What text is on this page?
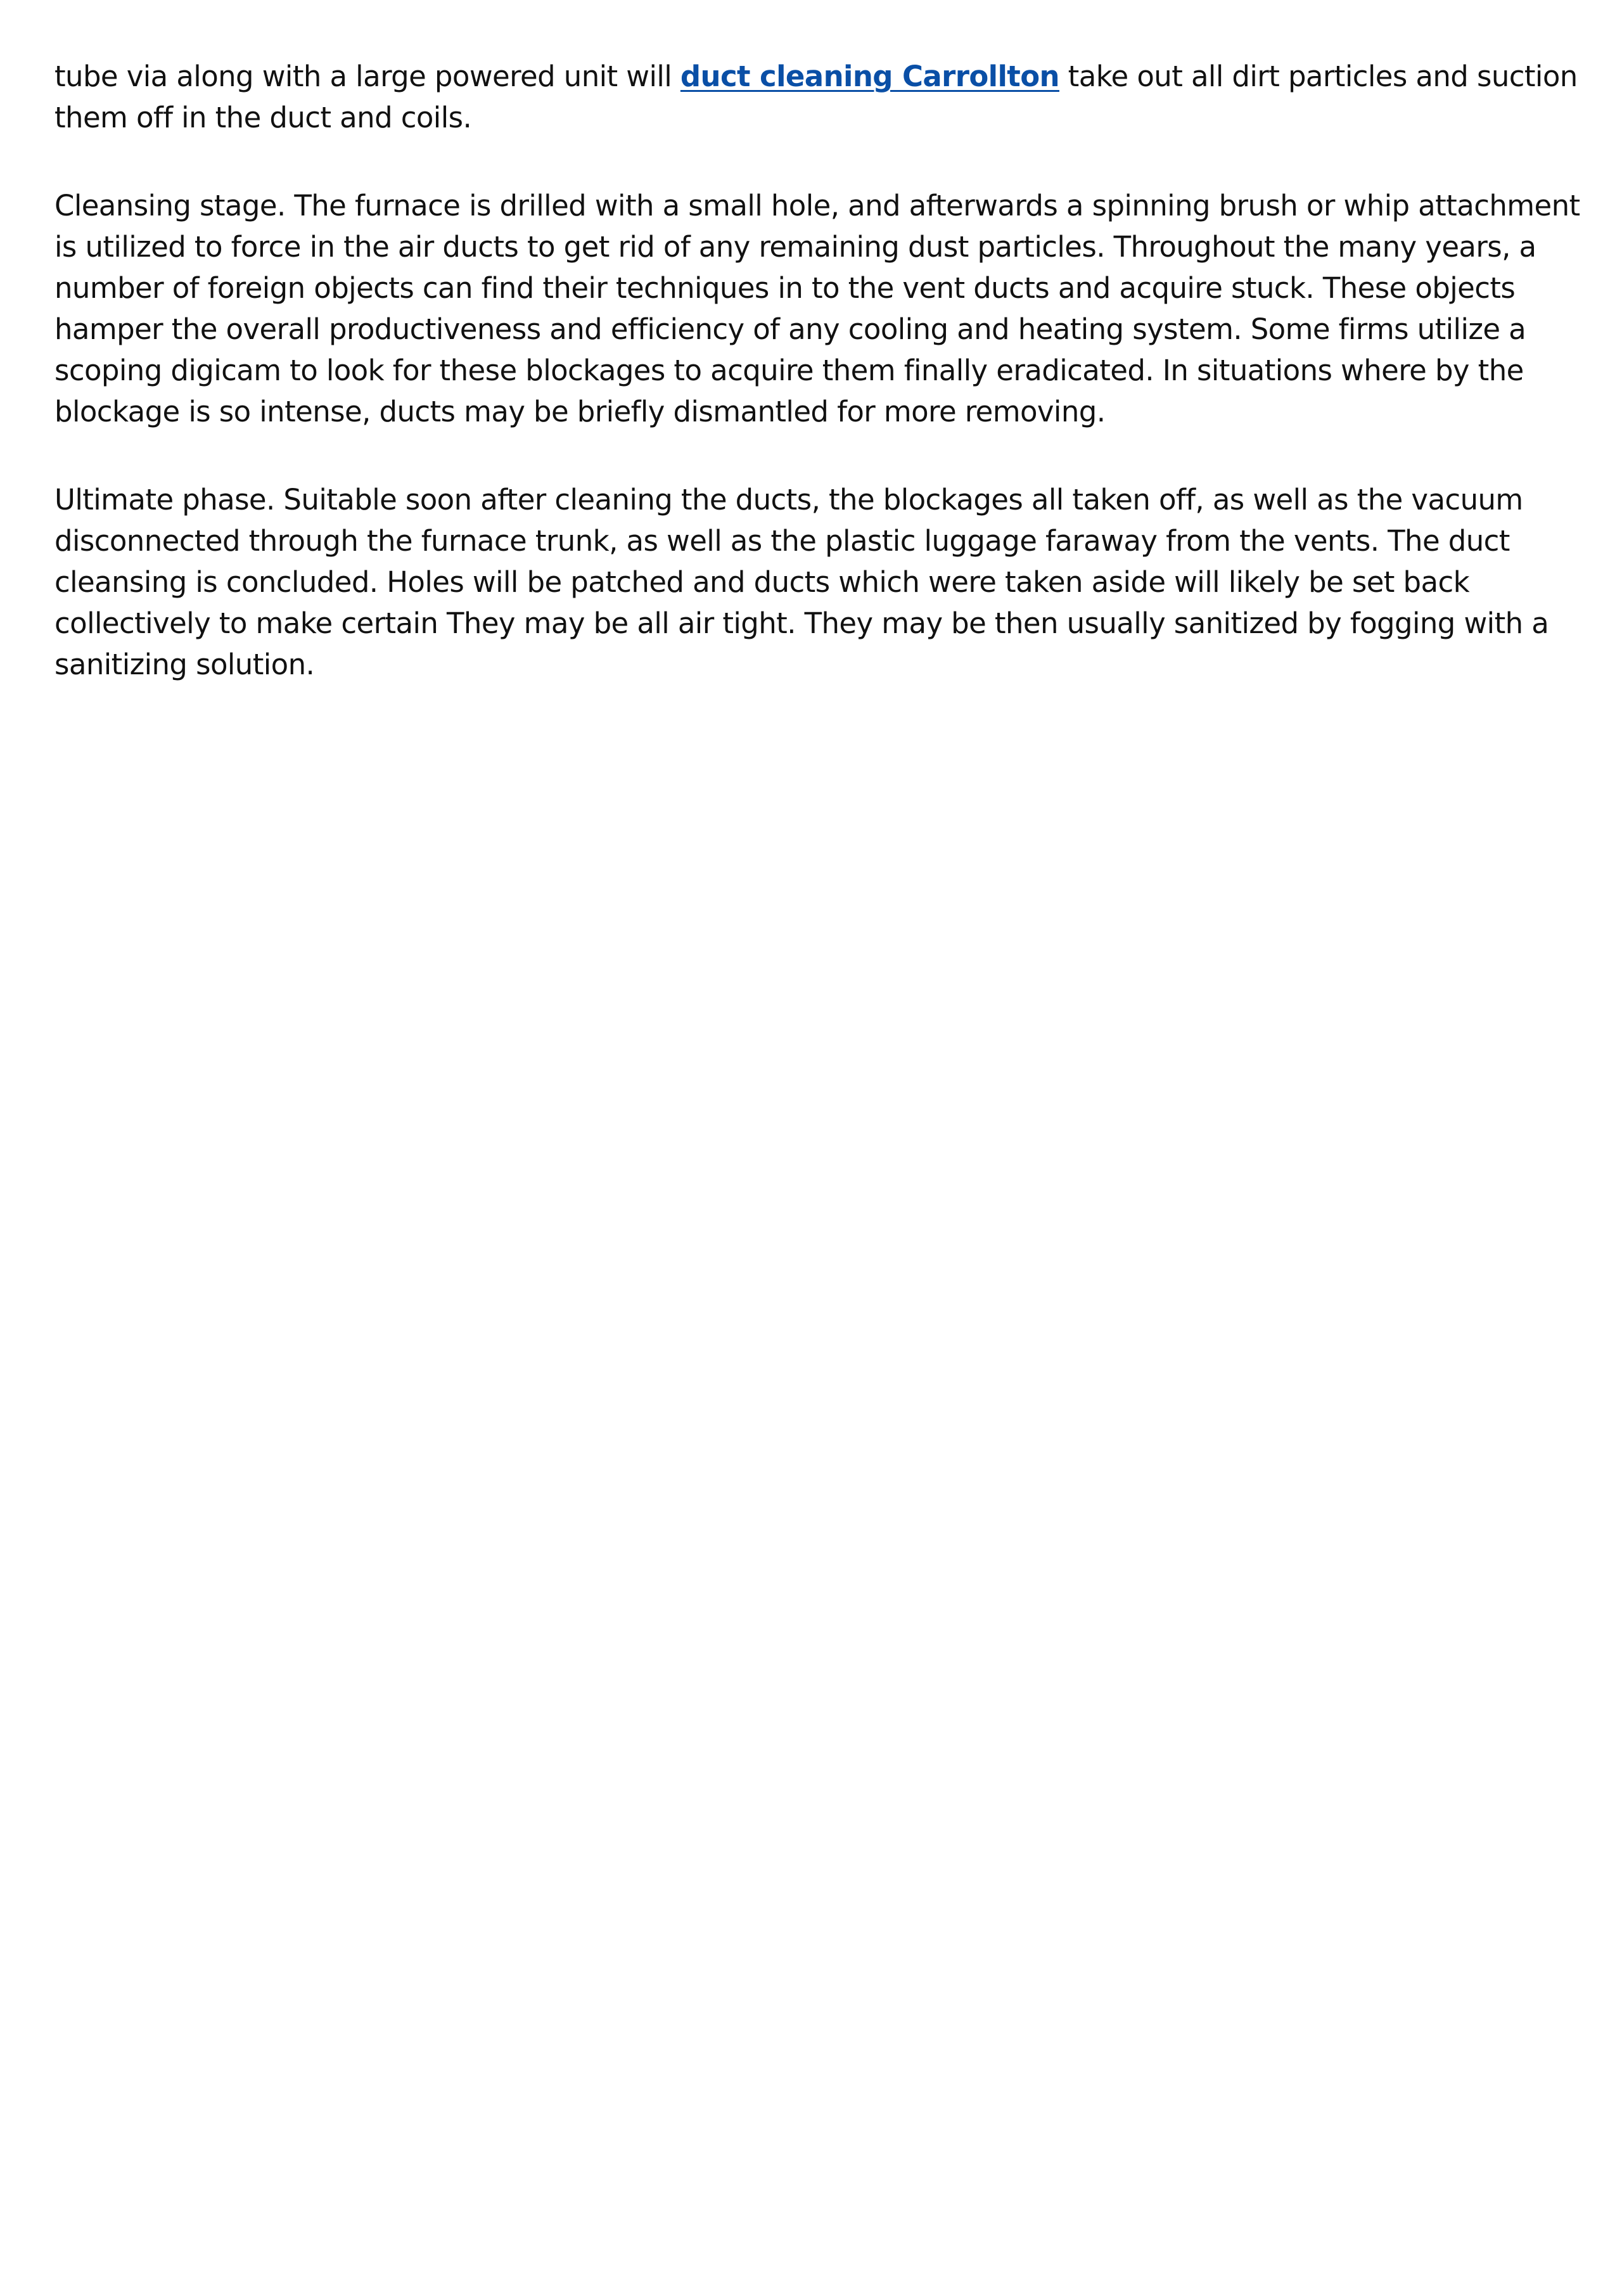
tube via along with a large powered unit will duct cleaning Carrollton take out all dirt particles and suction them off in the duct and coils.

Cleansing stage. The furnace is drilled with a small hole, and afterwards a spinning brush or whip attachment is utilized to force in the air ducts to get rid of any remaining dust particles. Throughout the many years, a number of foreign objects can find their techniques in to the vent ducts and acquire stuck. These objects hamper the overall productiveness and efficiency of any cooling and heating system. Some firms utilize a scoping digicam to look for these blockages to acquire them finally eradicated. In situations where by the blockage is so intense, ducts may be briefly dismantled for more removing.

Ultimate phase. Suitable soon after cleaning the ducts, the blockages all taken off, as well as the vacuum disconnected through the furnace trunk, as well as the plastic luggage faraway from the vents. The duct cleansing is concluded. Holes will be patched and ducts which were taken aside will likely be set back collectively to make certain They may be all air tight. They may be then usually sanitized by fogging with a sanitizing solution.
